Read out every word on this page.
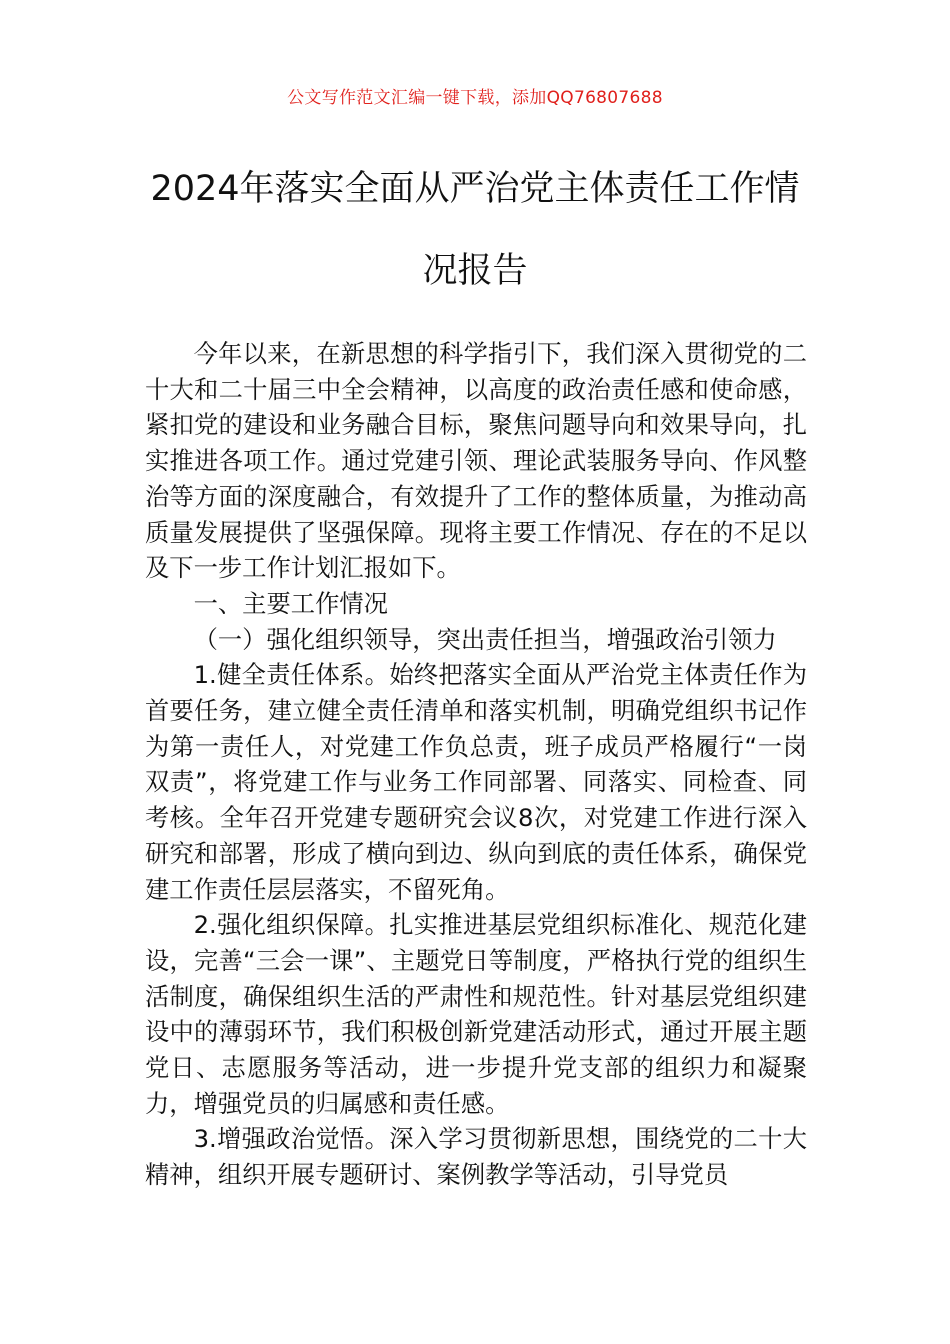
公文写作范文汇编一键下载，添加QQ76807688
2024年落实全面从严治党主体责任工作情
况报告

今年以来，在新思想的科学指引下，我们深入贯彻党的二十大和二十届三中全会精神，以高度的政治责任感和使命感，紧扣党的建设和业务融合目标，聚焦问题导向和效果导向，扎实推进各项工作。通过党建引领、理论武装服务导向、作风整治等方面的深度融合，有效提升了工作的整体质量，为推动高质量发展提供了坚强保障。现将主要工作情况、存在的不足以及下一步工作计划汇报如下。

一、主要工作情况

（一）强化组织领导，突出责任担当，增强政治引领力

1.健全责任体系。始终把落实全面从严治党主体责任作为首要任务，建立健全责任清单和落实机制，明确党组织书记作为第一责任人，对党建工作负总责，班子成员严格履行“一岗双责”，将党建工作与业务工作同部署、同落实、同检查、同考核。全年召开党建专题研究会议8次，对党建工作进行深入研究和部署，形成了横向到边、纵向到底的责任体系，确保党建工作责任层层落实，不留死角。

2.强化组织保障。扎实推进基层党组织标准化、规范化建设，完善“三会一课”、主题党日等制度，严格执行党的组织生活制度，确保组织生活的严肃性和规范性。针对基层党组织建设中的薄弱环节，我们积极创新党建活动形式，通过开展主题党日、志愿服务等活动，进一步提升党支部的组织力和凝聚力，增强党员的归属感和责任感。

3.增强政治觉悟。深入学习贯彻新思想，围绕党的二十大精神，组织开展专题研讨、案例教学等活动，引导党员
